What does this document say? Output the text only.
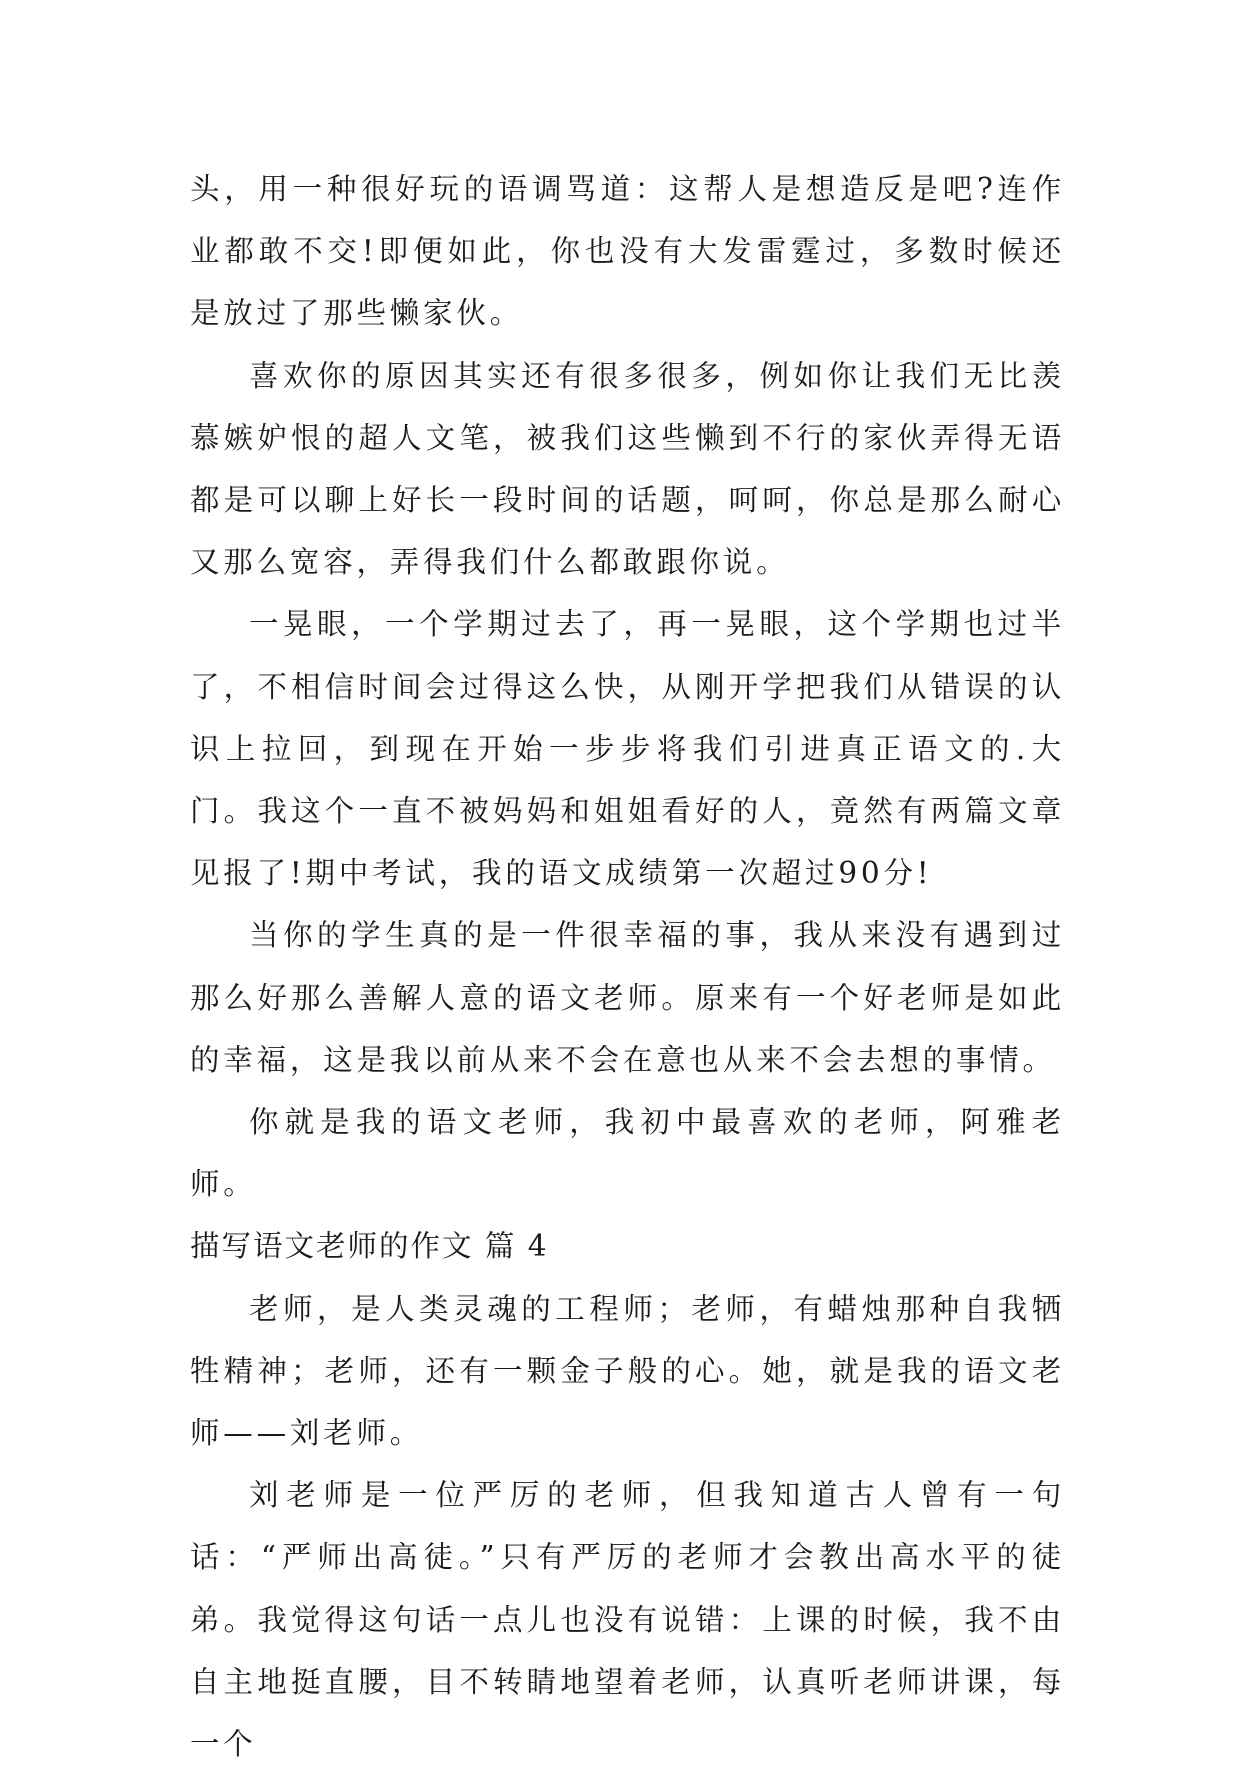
头，用一种很好玩的语调骂道：这帮人是想造反是吧?连作业都敢不交!即便如此，你也没有大发雷霆过，多数时候还是放过了那些懒家伙。

喜欢你的原因其实还有很多很多，例如你让我们无比羡慕嫉妒恨的超人文笔，被我们这些懒到不行的家伙弄得无语都是可以聊上好长一段时间的话题，呵呵，你总是那么耐心又那么宽容，弄得我们什么都敢跟你说。

一晃眼，一个学期过去了，再一晃眼，这个学期也过半了，不相信时间会过得这么快，从刚开学把我们从错误的认识上拉回，到现在开始一步步将我们引进真正语文的.大门。我这个一直不被妈妈和姐姐看好的人，竟然有两篇文章见报了!期中考试，我的语文成绩第一次超过90分!

当你的学生真的是一件很幸福的事，我从来没有遇到过那么好那么善解人意的语文老师。原来有一个好老师是如此的幸福，这是我以前从来不会在意也从来不会去想的事情。

你就是我的语文老师，我初中最喜欢的老师，阿雅老师。

描写语文老师的作文 篇 4

老师，是人类灵魂的工程师；老师，有蜡烛那种自我牺牲精神；老师，还有一颗金子般的心。她，就是我的语文老师——刘老师。

刘老师是一位严厉的老师，但我知道古人曾有一句话：“严师出高徒。”只有严厉的老师才会教出高水平的徒弟。我觉得这句话一点儿也没有说错：上课的时候，我不由自主地挺直腰，目不转睛地望着老师，认真听老师讲课，每一个
